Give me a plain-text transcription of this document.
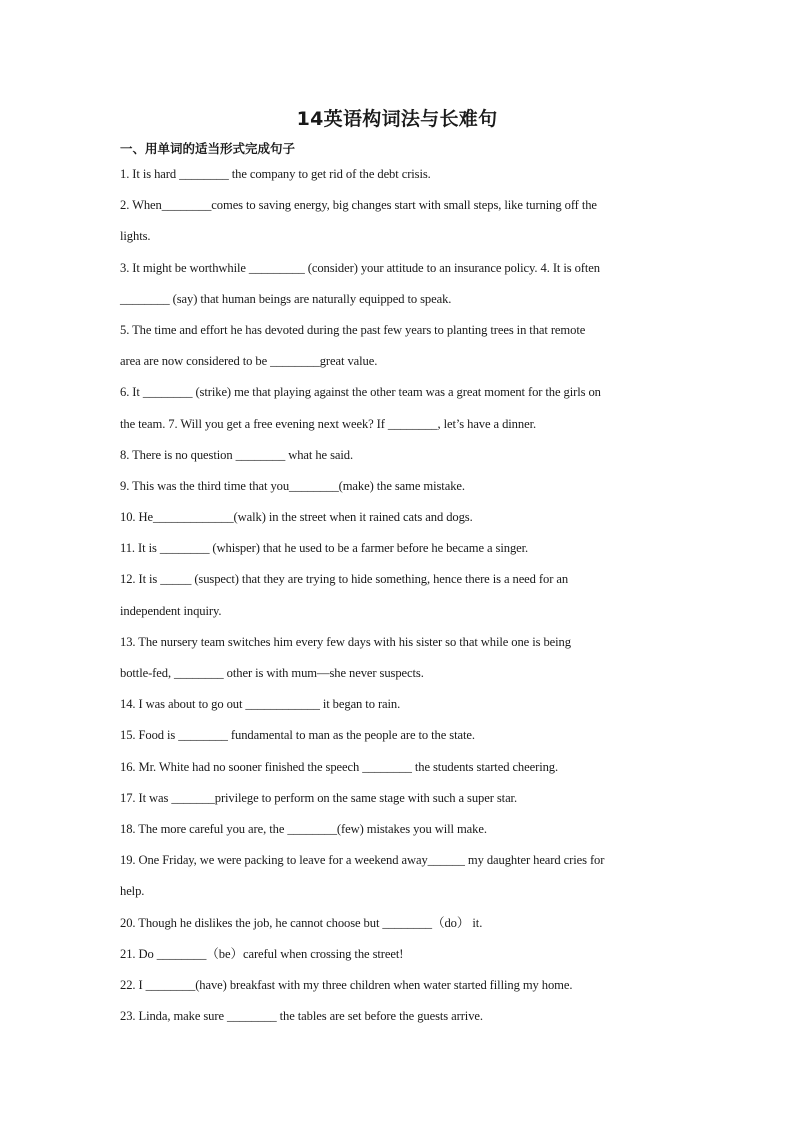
14英语构词法与长难句
一、用单词的适当形式完成句子
1. It is hard ________ the company to get rid of the debt crisis.
2. When________comes to saving energy, big changes start with small steps, like turning off the
lights.
3. It might be worthwhile _________ (consider) your attitude to an insurance policy. 4. It is often
________ (say) that human beings are naturally equipped to speak.
5. The time and effort he has devoted during the past few years to planting trees in that remote
area are now considered to be ________great value.
6. It ________ (strike) me that playing against the other team was a great moment for the girls on
the team. 7. Will you get a free evening next week? If ________, let’s have a dinner.
8. There is no question ________ what he said.
9. This was the third time that you________(make) the same mistake.
10. He_____________(walk) in the street when it rained cats and dogs.
11. It is ________ (whisper) that he used to be a farmer before he became a singer.
12. It is _____ (suspect) that they are trying to hide something, hence there is a need for an
independent inquiry.
13. The nursery team switches him every few days with his sister so that while one is being
bottle-fed, ________ other is with mum—she never suspects.
14. I was about to go out ____________ it began to rain.
15. Food is ________ fundamental to man as the people are to the state.
16. Mr. White had no sooner finished the speech ________ the students started cheering.
17. It was _______privilege to perform on the same stage with such a super star.
18. The more careful you are, the ________(few) mistakes you will make.
19. One Friday, we were packing to leave for a weekend away______ my daughter heard cries for
help.
20. Though he dislikes the job, he cannot choose but ________（do） it.
21. Do ________（be）careful when crossing the street!
22. I ________(have) breakfast with my three children when water started filling my home.
23. Linda, make sure ________ the tables are set before the guests arrive.
